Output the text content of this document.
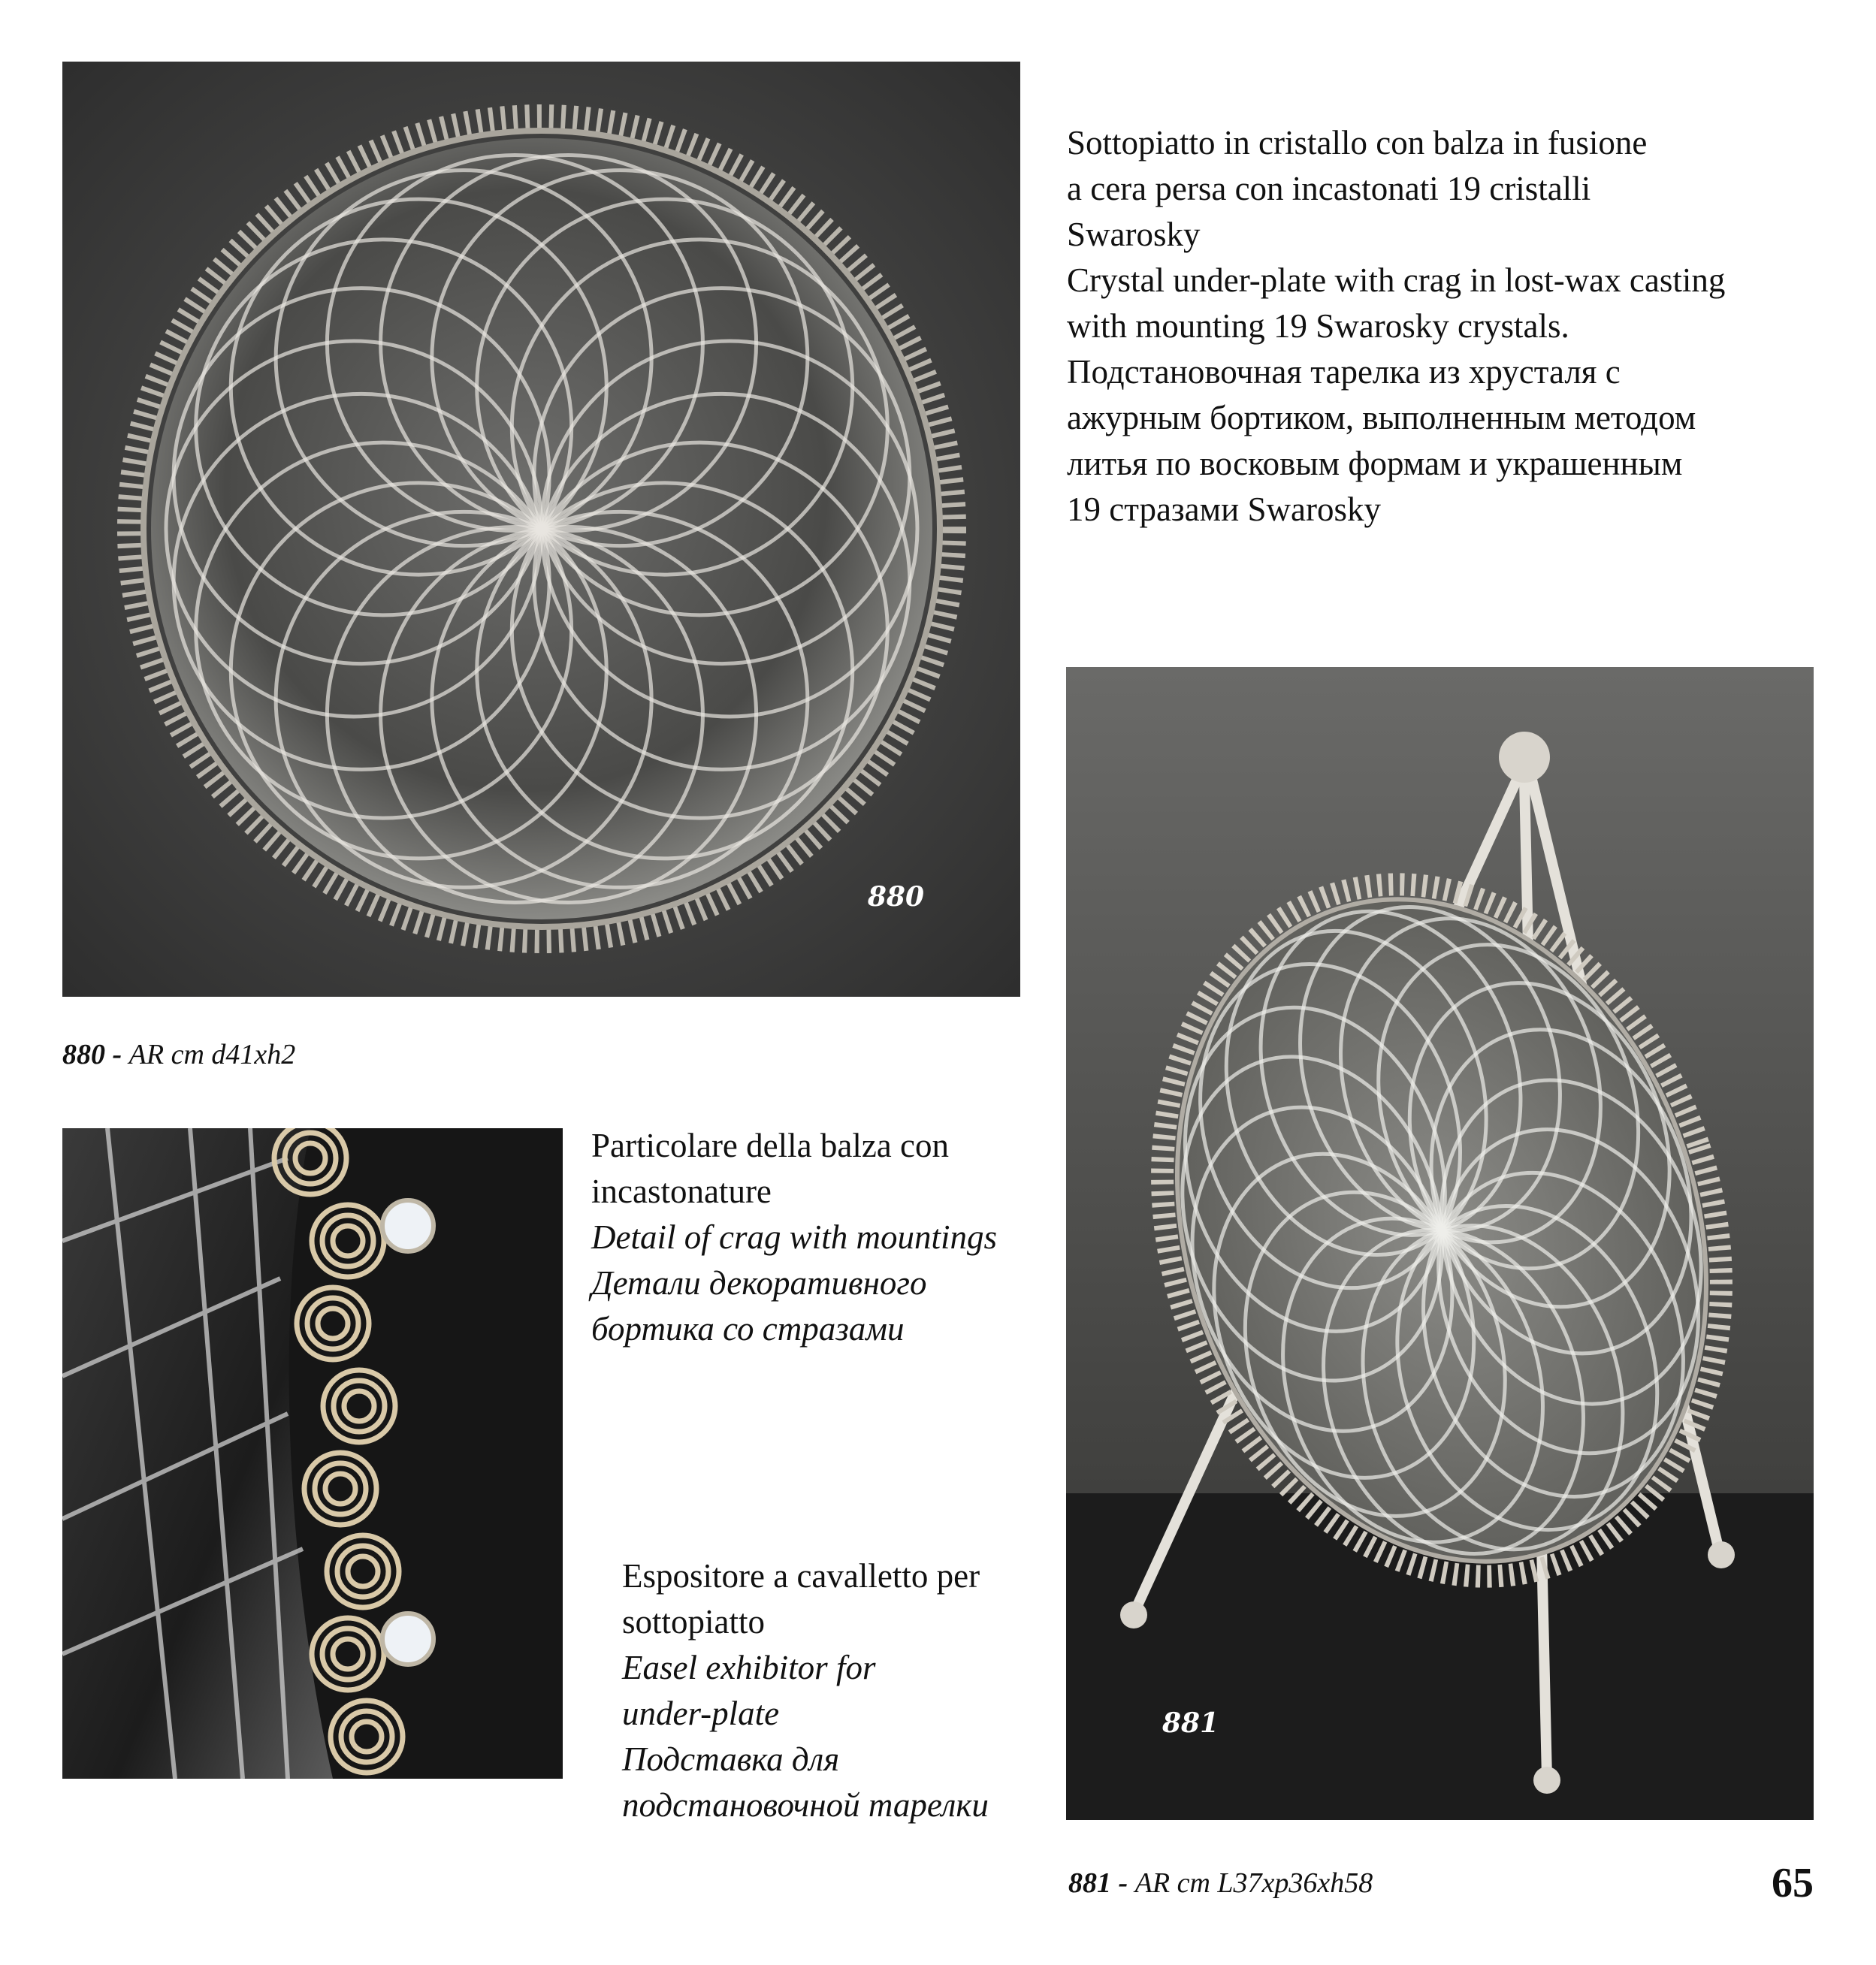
880
880 - AR cm d41xh2
Sottopiatto in cristallo con balza in fusione
a cera persa con incastonati 19 cristalli
Swarosky
Crystal under-plate with crag in lost-wax casting
with mounting 19 Swarosky crystals.
Подстановочная тарелка из хрусталя с
ажурным бортиком, выполненным методом
литья по восковым формам и украшенным
19 стразами Swarosky
Particolare della balza con
incastonature
Detail of crag with mountings
Детали декоративного
бортика со стразами
Espositore a cavalletto per
sottopiatto
Easel exhibitor for
under-plate
Подставка для
подстановочной тарелки
881
881 - AR cm L37xp36xh58	65
